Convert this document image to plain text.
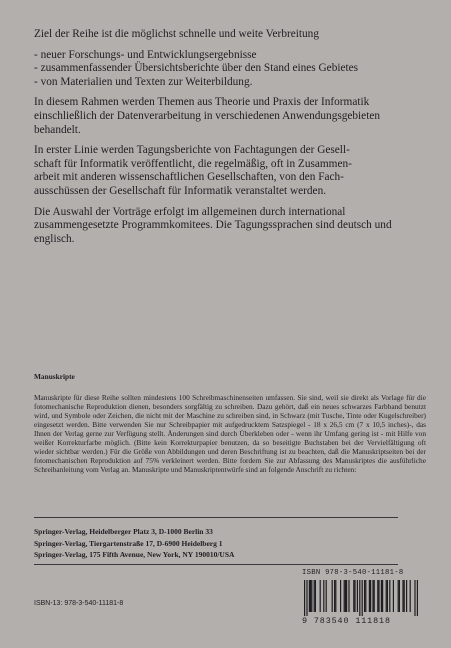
Ziel der Reihe ist die möglichst schnelle und weite Verbreitung

- neuer Forschungs- und Entwicklungsergebnisse
- zusammenfassender Übersichtsberichte über den Stand eines Gebietes
- von Materialien und Texten zur Weiterbildung.

In diesem Rahmen werden Themen aus Theorie und Praxis der Informatik einschließlich der Datenverarbeitung in verschiedenen Anwendungsgebieten behandelt.

In erster Linie werden Tagungsberichte von Fachtagungen der Gesell-
schaft für Informatik veröffentlicht, die regelmäßig, oft in Zusammen-
arbeit mit anderen wissenschaftlichen Gesellschaften, von den Fach-
ausschüssen der Gesellschaft für Informatik veranstaltet werden.

Die Auswahl der Vorträge erfolgt im allgemeinen durch international zusammengesetzte Programmkomitees. Die Tagungssprachen sind deutsch und englisch.

Manuskripte
Manuskripte für diese Reihe sollten mindestens 100 Schreibmaschinenseiten umfassen. Sie sind, weil sie direkt als Vorlage für die fotomechanische Reproduktion dienen, besonders sorgfältig zu schreiben. Dazu gehört, daß ein neues schwarzes Farbband benutzt wird, und Symbole oder Zeichen, die nicht mit der Maschine zu schreiben sind, in Schwarz (mit Tusche, Tinte oder Kugelschreiber) eingesetzt werden. Bitte verwenden Sie nur Schreibpapier mit aufgedrucktem Satzspiegel - 18 x 26,5 cm (7 x 10,5 inches)-, das Ihnen der Verlag gerne zur Verfügung stellt. Änderungen sind durch Überkleben oder - wenn ihr Umfang gering ist - mit Hilfe von weißer Korrekturfarbe möglich. (Bitte kein Korrekturpapier benutzen, da so beseitigte Buchstaben bei der Vervielfältigung oft wieder sichtbar werden.) Für die Größe von Abbildungen und deren Beschriftung ist zu beachten, daß die Manuskriptseiten bei der fotomechanischen Reproduktion auf 75% verkleinert werden. Bitte fordern Sie zur Abfassung des Manuskriptes die ausführliche Schreibanleitung vom Verlag an. Manuskripte und Manuskriptentwürfe sind an folgende Anschrift zu richten:
Springer-Verlag, Heidelberger Platz 3, D-1000 Berlin 33
Springer-Verlag, Tiergartenstraße 17, D-6900 Heidelberg 1
Springer-Verlag, 175 Fifth Avenue, New York, NY 190010/USA
ISBN-13: 978-3-540-11181-8
ISBN 978-3-540-11181-8
9 783540 111818
